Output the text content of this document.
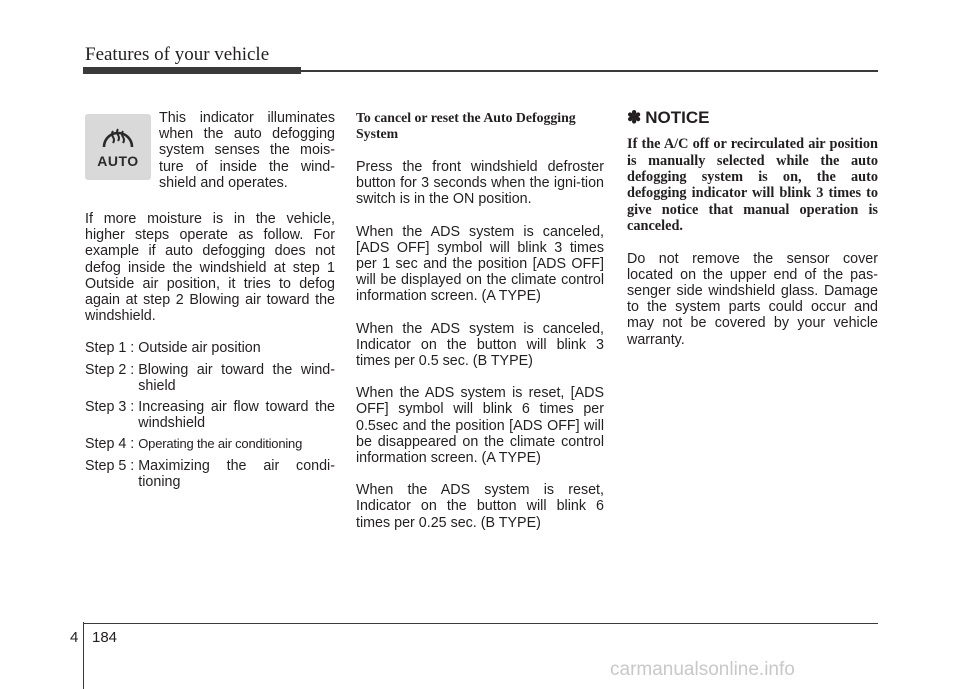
Features of your vehicle
AUTO
This indicator illuminates when the auto defogging system senses the mois-ture of inside the wind-shield and operates.

If more moisture is in the vehicle, higher steps operate as follow. For example if auto defogging does not defog inside the windshield at step 1 Outside air position, it tries to defog again at step 2 Blowing air toward the windshield.

Step 1 : Outside air position
Step 2 : Blowing air toward the wind-shield
Step 3 : Increasing air flow toward the windshield
Step 4 : Operating the air conditioning
Step 5 : Maximizing the air condi-tioning
To cancel or reset the Auto Defogging System

Press the front windshield defroster button for 3 seconds when the igni-tion switch is in the ON position.

When the ADS system is canceled, [ADS OFF] symbol will blink 3 times per 1 sec and the position [ADS OFF] will be displayed on the climate control information screen. (A TYPE)

When the ADS system is canceled, Indicator on the button will blink 3 times per 0.5 sec. (B TYPE)

When the ADS system is reset, [ADS OFF] symbol will blink 6 times per 0.5sec and the position [ADS OFF] will be disappeared on the climate control information screen. (A TYPE)

When the ADS system is reset, Indicator on the button will blink 6 times per 0.25 sec. (B TYPE)

✽ NOTICE
If the A/C off or recirculated air position is manually selected while the auto defogging system is on, the auto defogging indicator will blink 3 times to give notice that manual operation is canceled.

Do not remove the sensor cover located on the upper end of the pas-senger side windshield glass. Damage to the system parts could occur and may not be covered by your vehicle warranty.

4 184
carmanualsonline.info
